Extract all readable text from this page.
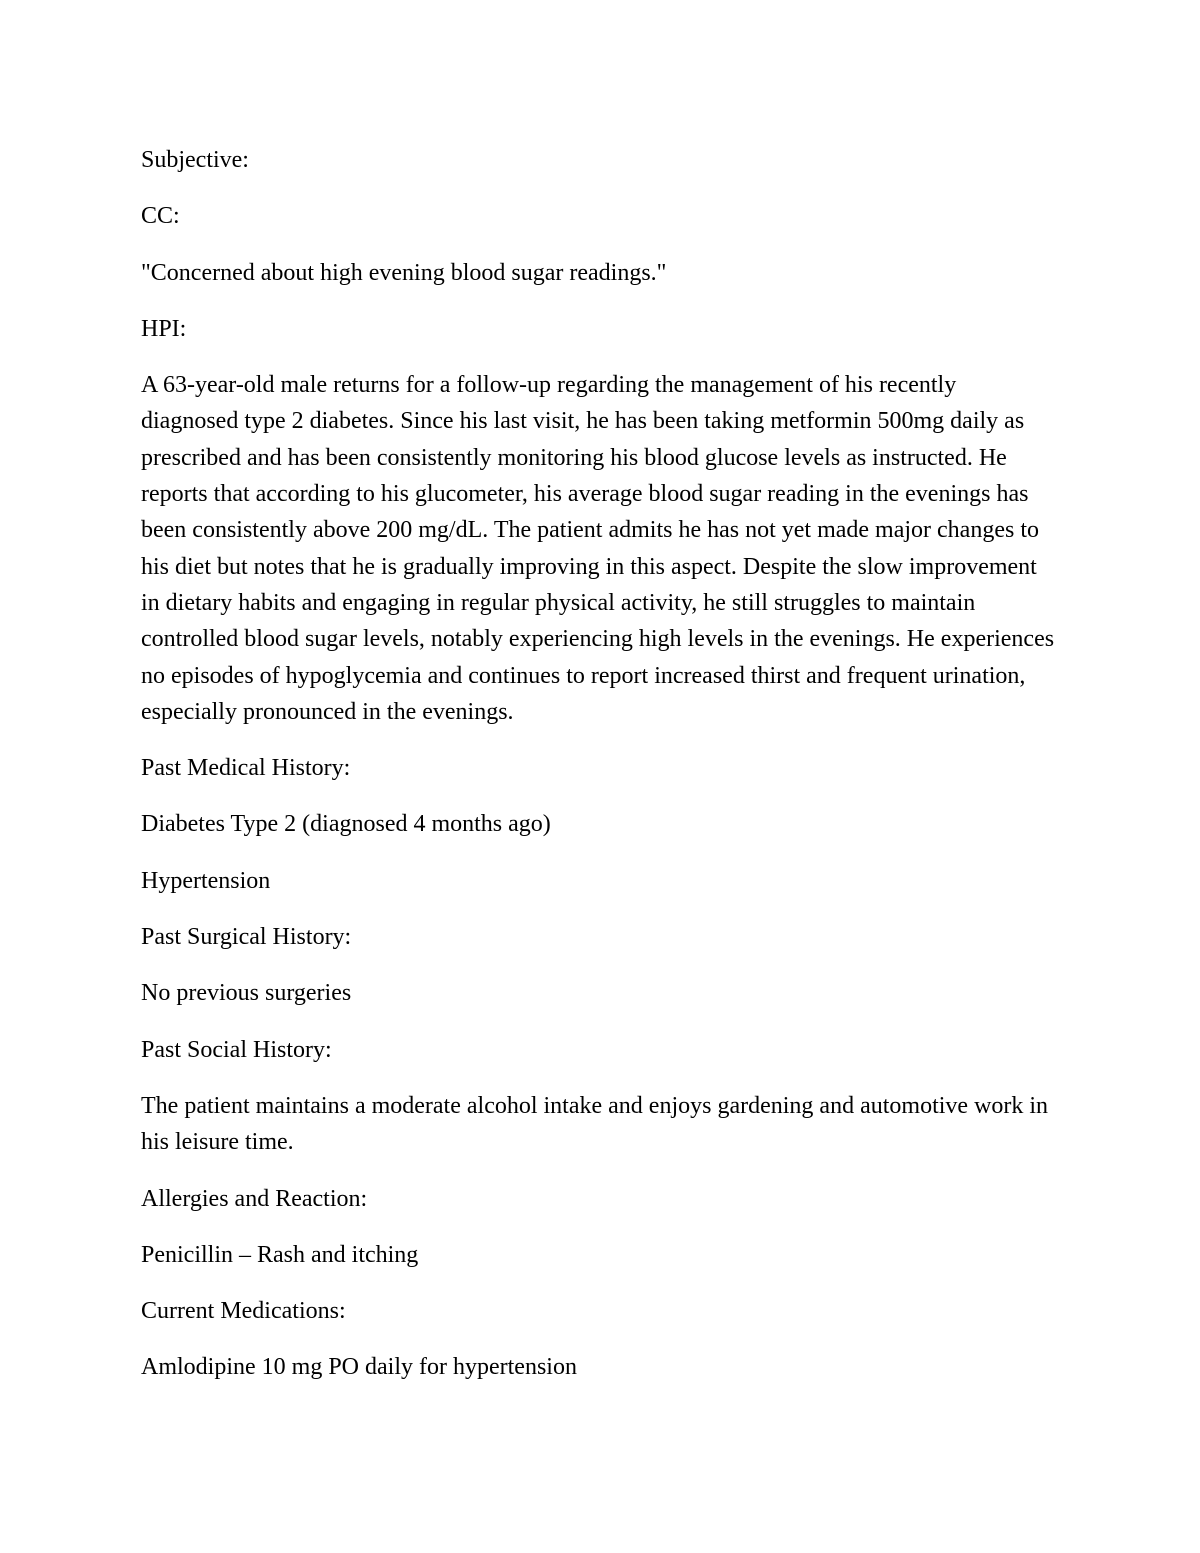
Subjective:

CC:

"Concerned about high evening blood sugar readings."

HPI:

A 63-year-old male returns for a follow-up regarding the management of his recently diagnosed type 2 diabetes. Since his last visit, he has been taking metformin 500mg daily as prescribed and has been consistently monitoring his blood glucose levels as instructed. He reports that according to his glucometer, his average blood sugar reading in the evenings has been consistently above 200 mg/dL. The patient admits he has not yet made major changes to his diet but notes that he is gradually improving in this aspect. Despite the slow improvement in dietary habits and engaging in regular physical activity, he still struggles to maintain controlled blood sugar levels, notably experiencing high levels in the evenings. He experiences no episodes of hypoglycemia and continues to report increased thirst and frequent urination, especially pronounced in the evenings.

Past Medical History:

Diabetes Type 2 (diagnosed 4 months ago)

Hypertension

Past Surgical History:

No previous surgeries

Past Social History:

The patient maintains a moderate alcohol intake and enjoys gardening and automotive work in his leisure time.

Allergies and Reaction:

Penicillin – Rash and itching

Current Medications:

Amlodipine 10 mg PO daily for hypertension
